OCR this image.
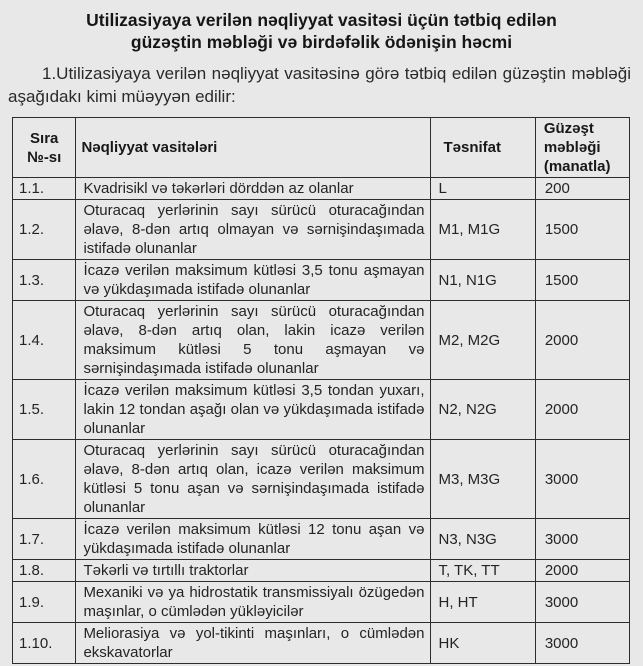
Utilizasiyaya verilən nəqliyyat vasitəsi üçün tətbiq edilən
güzəştin məbləği və birdəfəlik ödənişin həcmi

1.Utilizasiyaya verilən nəqliyyat vasitəsinə görə tətbiq edilən güzəştin məbləği aşağıdakı kimi müəyyən edilir:

Sıra №-sı	Nəqliyyat vasitələri	Təsnifat	Güzəşt məbləği (manatla)
1.1.	Kvadrisikl və təkərləri dörddən az olanlar	L	200
1.2.	Oturacaq yerlərinin sayı sürücü oturacağından əlavə, 8-dən artıq olmayan və sərnişindaşımada istifadə olunanlar	M1, M1G	1500
1.3.	İcazə verilən maksimum kütləsi 3,5 tonu aşmayan və yükdaşımada istifadə olunanlar	N1, N1G	1500
1.4.	Oturacaq yerlərinin sayı sürücü oturacağından əlavə, 8-dən artıq olan, lakin icazə verilən maksimum kütləsi 5 tonu aşmayan və sərnişindaşımada istifadə olunanlar	M2, M2G	2000
1.5.	İcazə verilən maksimum kütləsi 3,5 tondan yuxarı, lakin 12 tondan aşağı olan və yükdaşımada istifadə olunanlar	N2, N2G	2000
1.6.	Oturacaq yerlərinin sayı sürücü oturacağından əlavə, 8-dən artıq olan, icazə verilən maksimum kütləsi 5 tonu aşan və sərnişindaşımada istifadə olunanlar	M3, M3G	3000
1.7.	İcazə verilən maksimum kütləsi 12 tonu aşan və yükdaşımada istifadə olunanlar	N3, N3G	3000
1.8.	Təkərli və tırtıllı traktorlar	T, TK, TT	2000
1.9.	Mexaniki və ya hidrostatik transmissiyalı özügedən maşınlar, o cümlədən yükləyicilər	H, HT	3000
1.10.	Meliorasiya və yol-tikinti maşınları, o cümlədən ekskavatorlar	HK	3000
